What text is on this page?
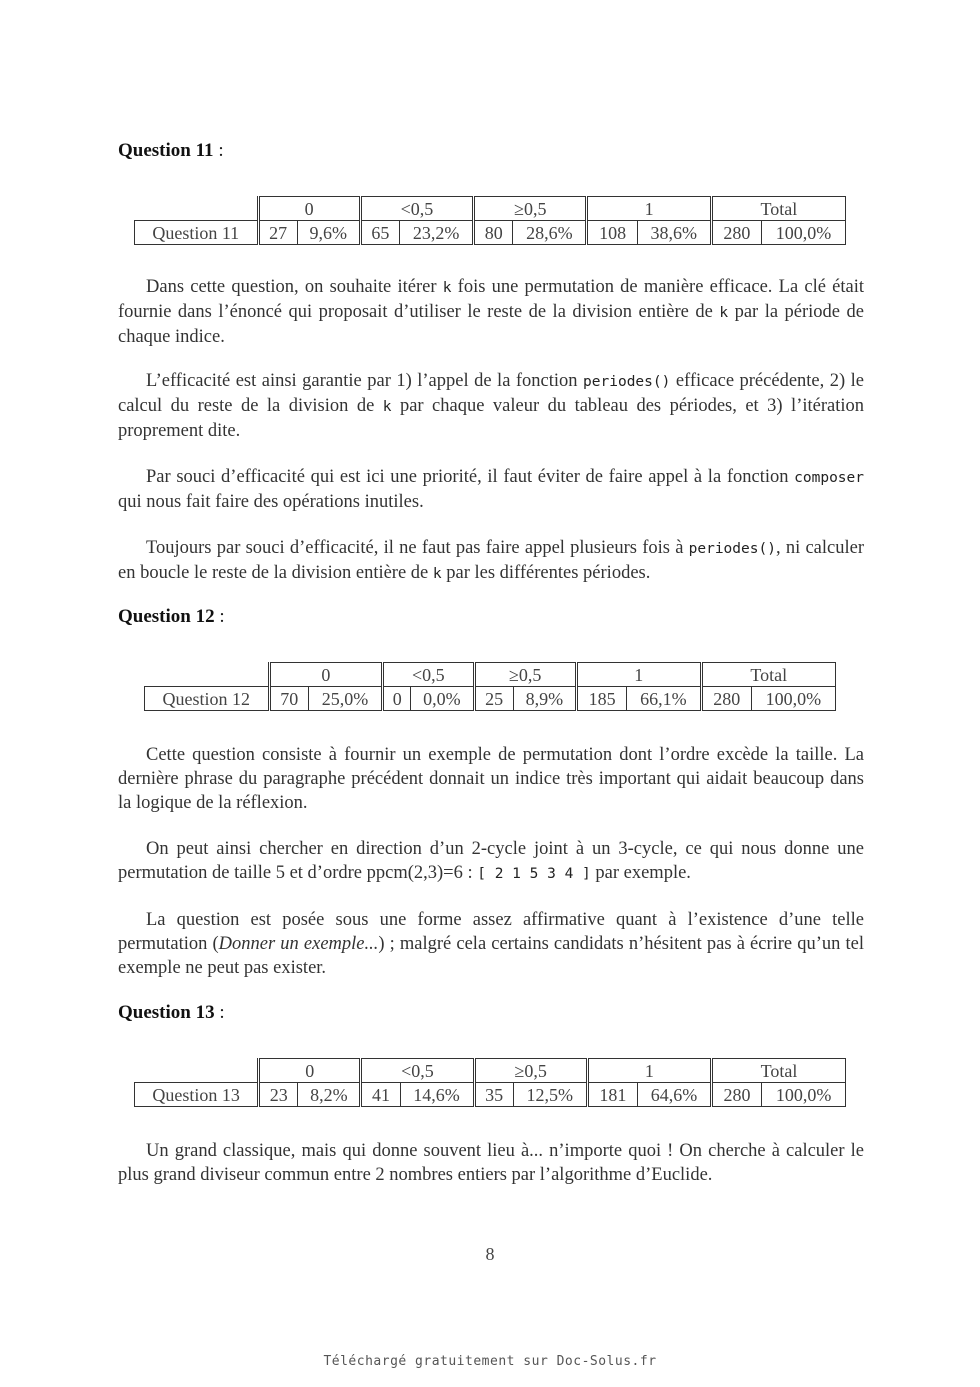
Question 11 :
	0		<0,5		≥0,5		1		Total	
Question 11	27	9,6%	65	23,2%	80	28,6%	108	38,6%	280	100,0%

Dans cette question, on souhaite itérer k fois une permutation de manière efficace. La clé était fournie dans l’énoncé qui proposait d’utiliser le reste de la division entière de k par la période de chaque indice.

L’efficacité est ainsi garantie par 1) l’appel de la fonction periodes() efficace précédente, 2) le calcul du reste de la division de k par chaque valeur du tableau des périodes, et 3) l’itération proprement dite.

Par souci d’efficacité qui est ici une priorité, il faut éviter de faire appel à la fonction composer qui nous fait faire des opérations inutiles.

Toujours par souci d’efficacité, il ne faut pas faire appel plusieurs fois à periodes(), ni calculer en boucle le reste de la division entière de k par les différentes périodes.

Question 12 :
	0		<0,5		≥0,5		1		Total	
Question 12	70	25,0%	0	0,0%	25	8,9%	185	66,1%	280	100,0%

Cette question consiste à fournir un exemple de permutation dont l’ordre excède la taille. La dernière phrase du paragraphe précédent donnait un indice très important qui aidait beaucoup dans la logique de la réflexion.

On peut ainsi chercher en direction d’un 2-cycle joint à un 3-cycle, ce qui nous donne une permutation de taille 5 et d’ordre ppcm(2,3)=6 : [ 2 1 5 3 4 ] par exemple.

La question est posée sous une forme assez affirmative quant à l’existence d’une telle permutation (Donner un exemple...) ; malgré cela certains candidats n’hésitent pas à écrire qu’un tel exemple ne peut pas exister.

Question 13 :
	0		<0,5		≥0,5		1		Total	
Question 13	23	8,2%	41	14,6%	35	12,5%	181	64,6%	280	100,0%

Un grand classique, mais qui donne souvent lieu à... n’importe quoi ! On cherche à calculer le plus grand diviseur commun entre 2 nombres entiers par l’algorithme d’Euclide.

8
Téléchargé gratuitement sur Doc-Solus.fr
